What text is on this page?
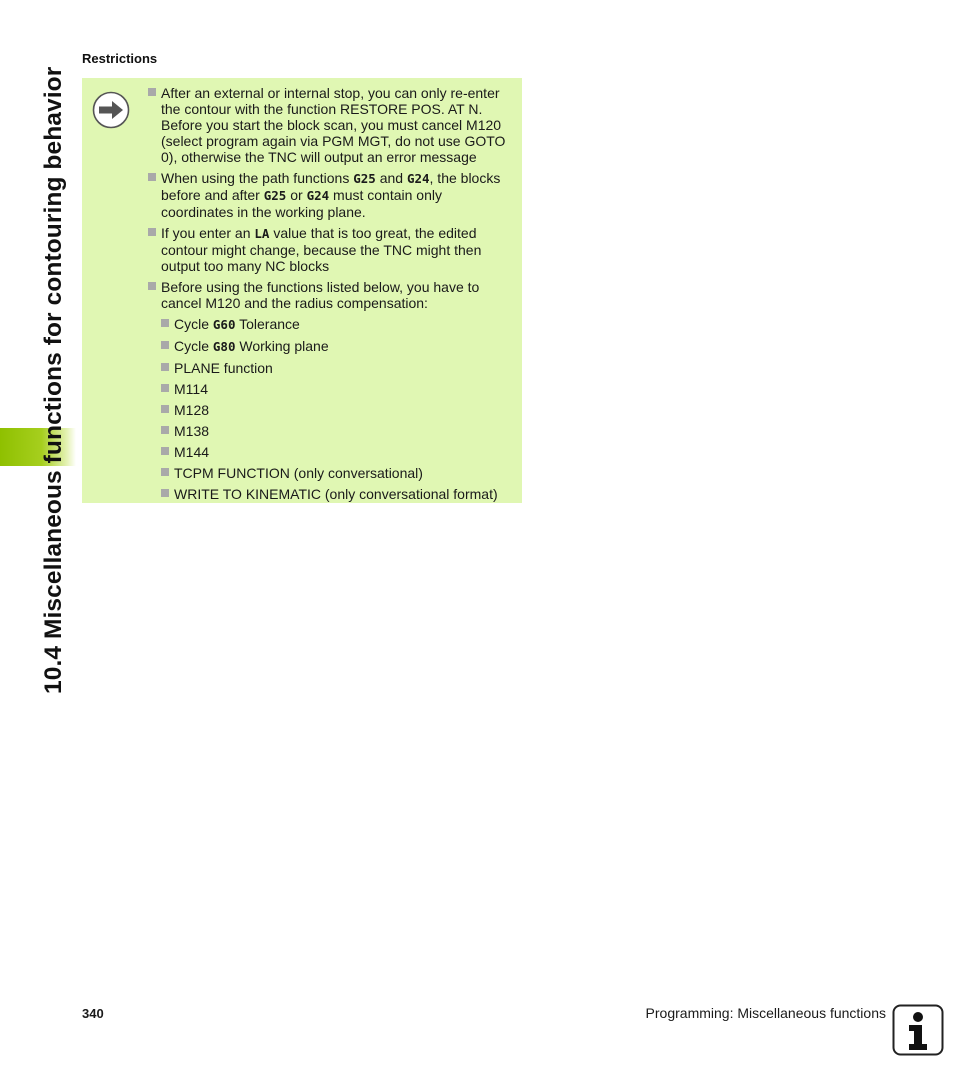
10.4 Miscellaneous functions for contouring behavior
Restrictions
After an external or internal stop, you can only re-enter the contour with the function RESTORE POS. AT N. Before you start the block scan, you must cancel M120 (select program again via PGM MGT, do not use GOTO 0), otherwise the TNC will output an error message
When using the path functions G25 and G24, the blocks before and after G25 or G24 must contain only coordinates in the working plane.
If you enter an LA value that is too great, the edited contour might change, because the TNC might then output too many NC blocks
Before using the functions listed below, you have to cancel M120 and the radius compensation:
Cycle G60 Tolerance
Cycle G80 Working plane
PLANE function
M114
M128
M138
M144
TCPM FUNCTION (only conversational)
WRITE TO KINEMATIC (only conversational format)
340	Programming: Miscellaneous functions
